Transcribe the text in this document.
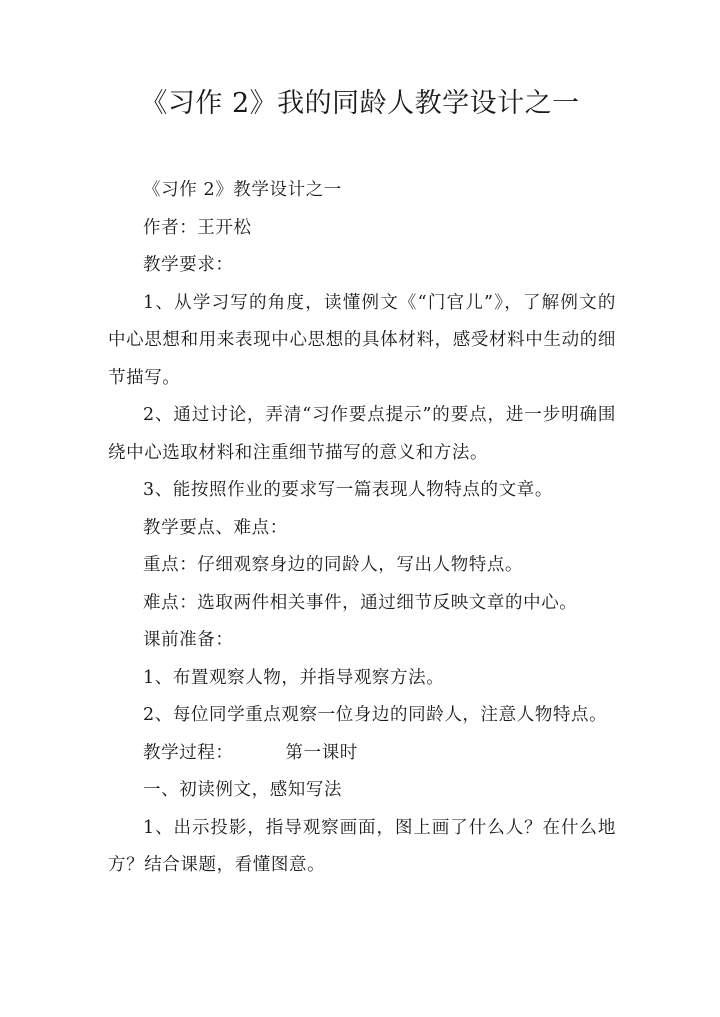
《习作 2》我的同龄人教学设计之一

《习作 2》教学设计之一

作者：王开松

教学要求：

1、从学习写的角度，读懂例文《“门官儿”》，了解例文的中心思想和用来表现中心思想的具体材料，感受材料中生动的细节描写。

2、通过讨论，弄清“习作要点提示”的要点，进一步明确围绕中心选取材料和注重细节描写的意义和方法。

3、能按照作业的要求写一篇表现人物特点的文章。

教学要点、难点：

重点：仔细观察身边的同龄人，写出人物特点。

难点：选取两件相关事件，通过细节反映文章的中心。

课前准备：

1、布置观察人物，并指导观察方法。

2、每位同学重点观察一位身边的同龄人，注意人物特点。

教学过程：	第一课时

一、初读例文，感知写法

1、出示投影，指导观察画面，图上画了什么人？在什么地方？结合课题，看懂图意。
